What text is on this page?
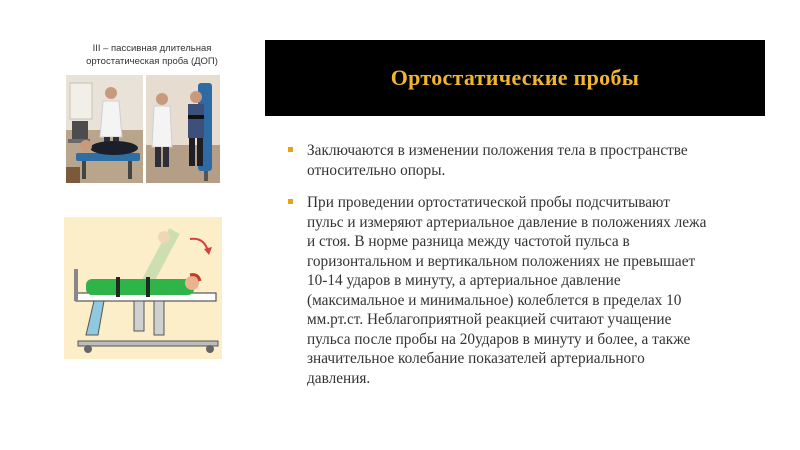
III – пассивная длительная
ортостатическая проба (ДОП)
Ортостатические пробы
Заключаются в изменении положения тела в пространстве
относительно опоры.
При проведении ортостатической пробы подсчитывают
пульс и измеряют артериальное давление в положениях лежа
и стоя. В норме разница между частотой пульса в
горизонтальном и вертикальном положениях не превышает
10-14 ударов в минуту, а артериальное давление
(максимальное и минимальное) колеблется в пределах 10
мм.рт.ст. Неблагоприятной реакцией считают учащение
пульса после пробы на 20ударов в минуту и более, а также
значительное колебание показателей артериального
давления.
